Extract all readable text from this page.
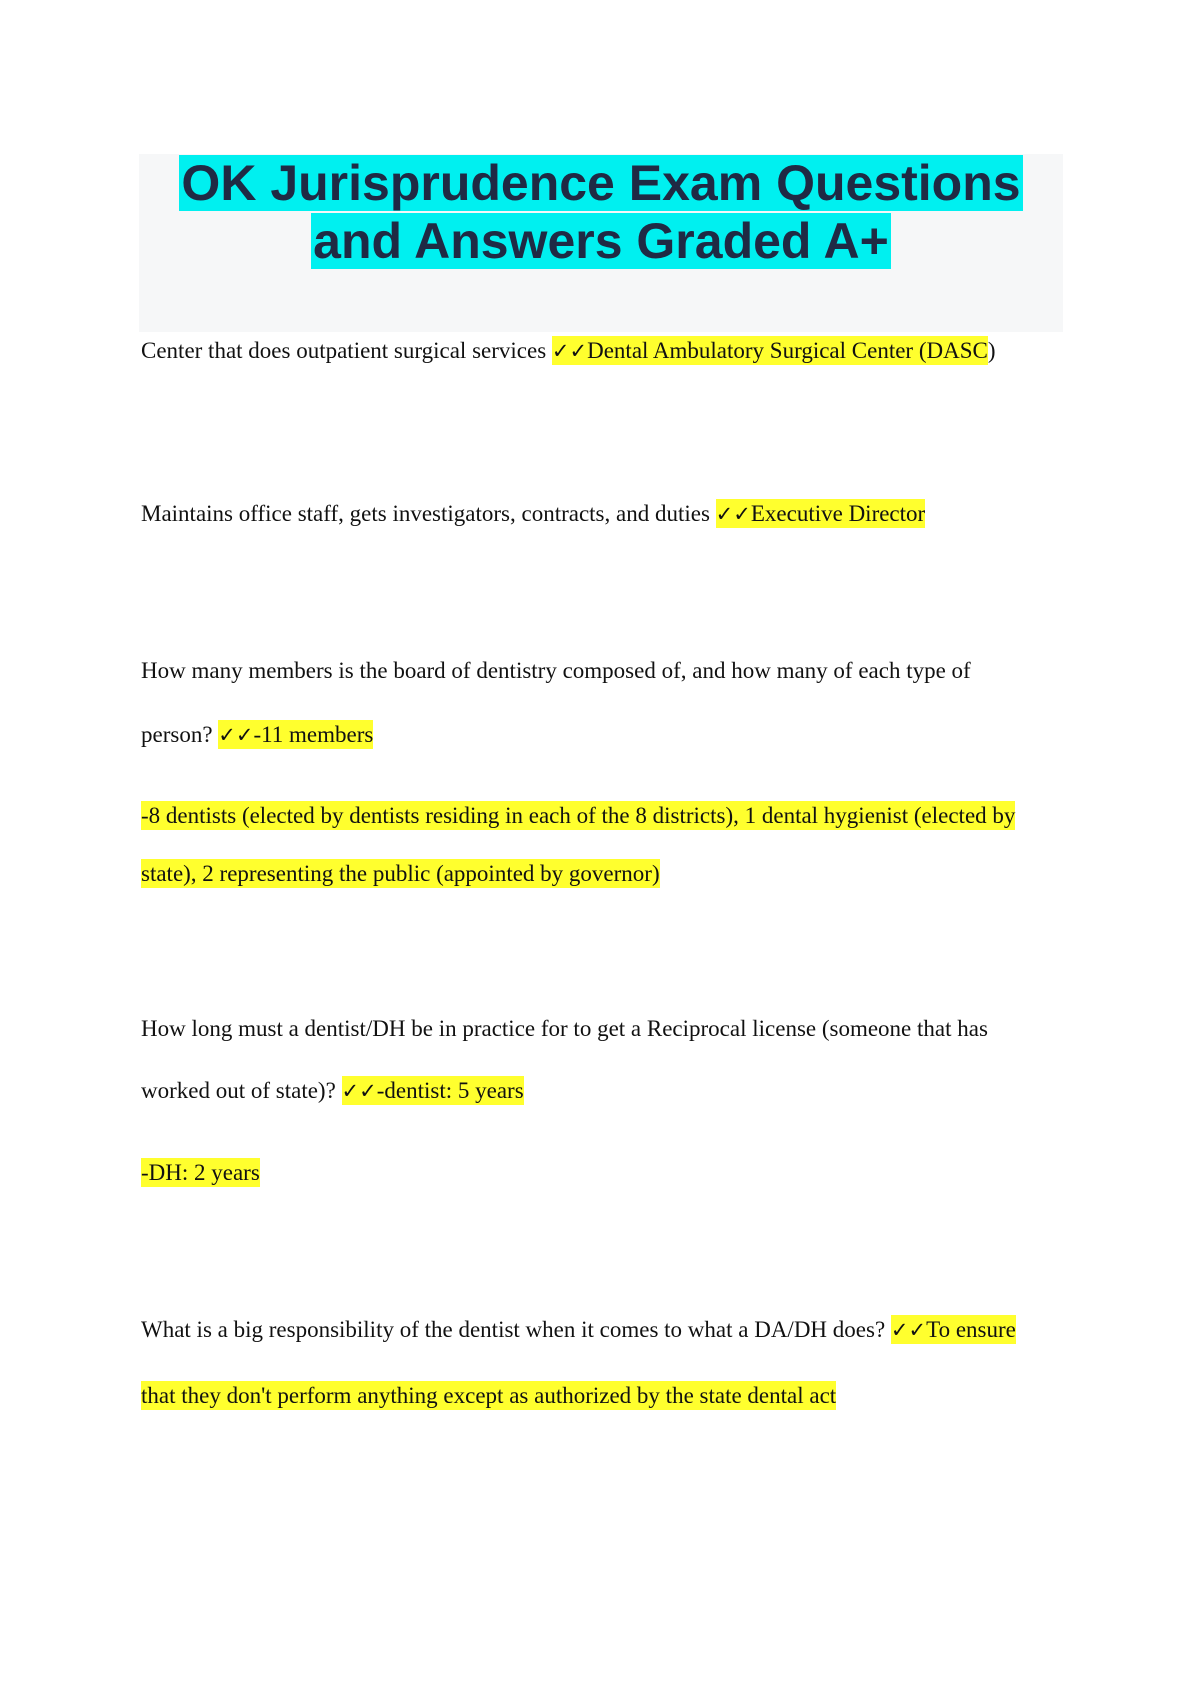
OK Jurisprudence Exam Questions and Answers Graded A+

Center that does outpatient surgical services ✓✓Dental Ambulatory Surgical Center (DASC)

Maintains office staff, gets investigators, contracts, and duties ✓✓Executive Director

How many members is the board of dentistry composed of, and how many of each type of

person? ✓✓-11 members

-8 dentists (elected by dentists residing in each of the 8 districts), 1 dental hygienist (elected by

state), 2 representing the public (appointed by governor)

How long must a dentist/DH be in practice for to get a Reciprocal license (someone that has

worked out of state)? ✓✓-dentist: 5 years

-DH: 2 years

What is a big responsibility of the dentist when it comes to what a DA/DH does? ✓✓To ensure

that they don't perform anything except as authorized by the state dental act
